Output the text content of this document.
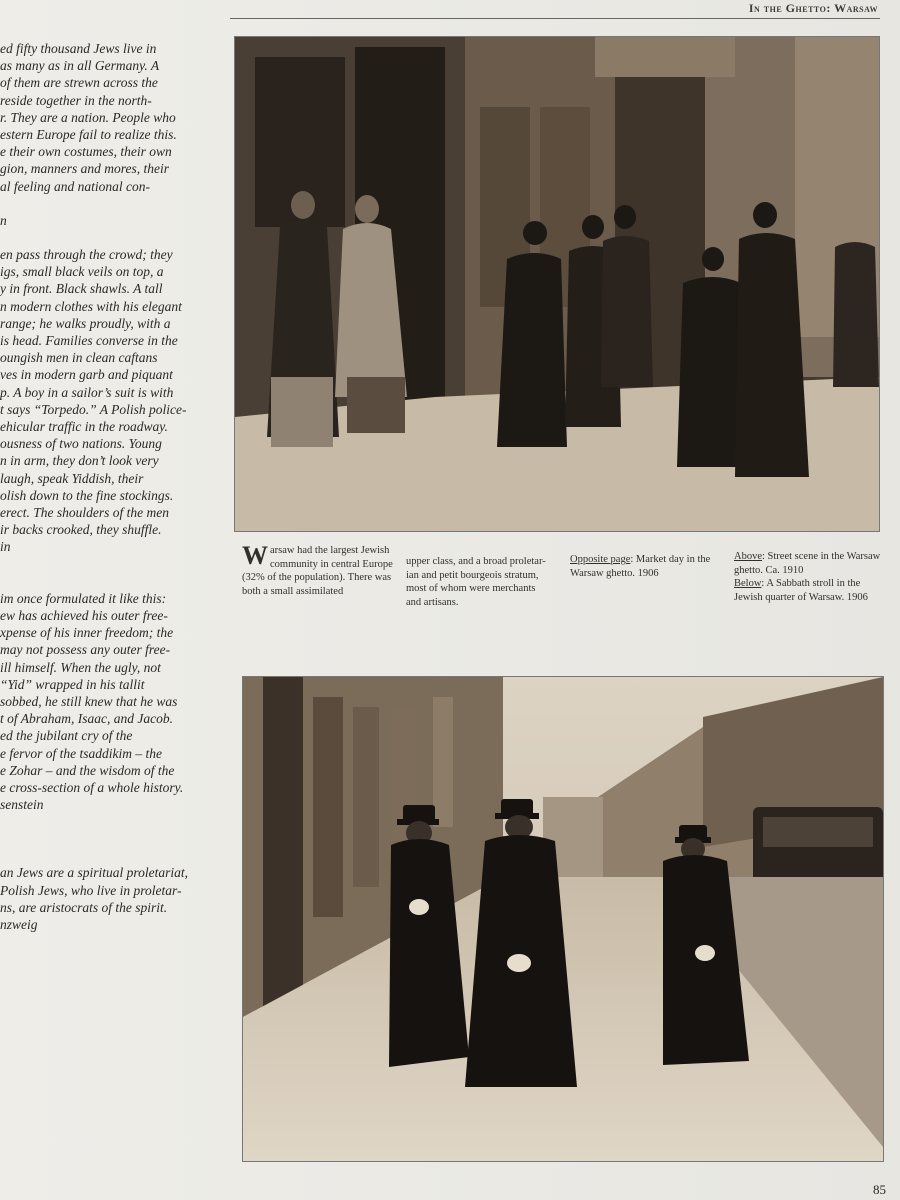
In the Ghetto: Warsaw

ed fifty thousand Jews live in

as many as in all Germany. A

of them are strewn across the

reside together in the north-

r. They are a nation. People who

estern Europe fail to realize this.

e their own costumes, their own

gion, manners and mores, their

al feeling and national con-

n

en pass through the crowd; they

igs, small black veils on top, a

y in front. Black shawls. A tall

n modern clothes with his elegant

range; he walks proudly, with a

is head. Families converse in the

oungish men in clean caftans

ves in modern garb and piquant

p. A boy in a sailor’s suit is with

t says “Torpedo.” A Polish police-

ehicular traffic in the roadway.

ousness of two nations. Young

n in arm, they don’t look very

laugh, speak Yiddish, their

olish down to the fine stockings.

erect. The shoulders of the men

ir backs crooked, they shuffle.

in

im once formulated it like this:

ew has achieved his outer free-

xpense of his inner freedom; the

may not possess any outer free-

ill himself. When the ugly, not

“Yid” wrapped in his tallit

sobbed, he still knew that he was

t of Abraham, Isaac, and Jacob.

ed the jubilant cry of the

e fervor of the tsaddikim – the

e Zohar – and the wisdom of the

e cross-section of a whole history.

senstein

an Jews are a spiritual proletariat,

Polish Jews, who live in proletar-

ns, are aristocrats of the spirit.

nzweig

Warsaw had the largest Jewish community in central Europe (32% of the population). There was both a small assimilated
upper class, and a broad proletar-ian and petit bourgeois stratum, most of whom were merchants and artisans.
Opposite page: Market day in the Warsaw ghetto. 1906
Above: Street scene in the Warsaw ghetto. Ca. 1910
Below: A Sabbath stroll in the Jewish quarter of Warsaw. 1906
85
